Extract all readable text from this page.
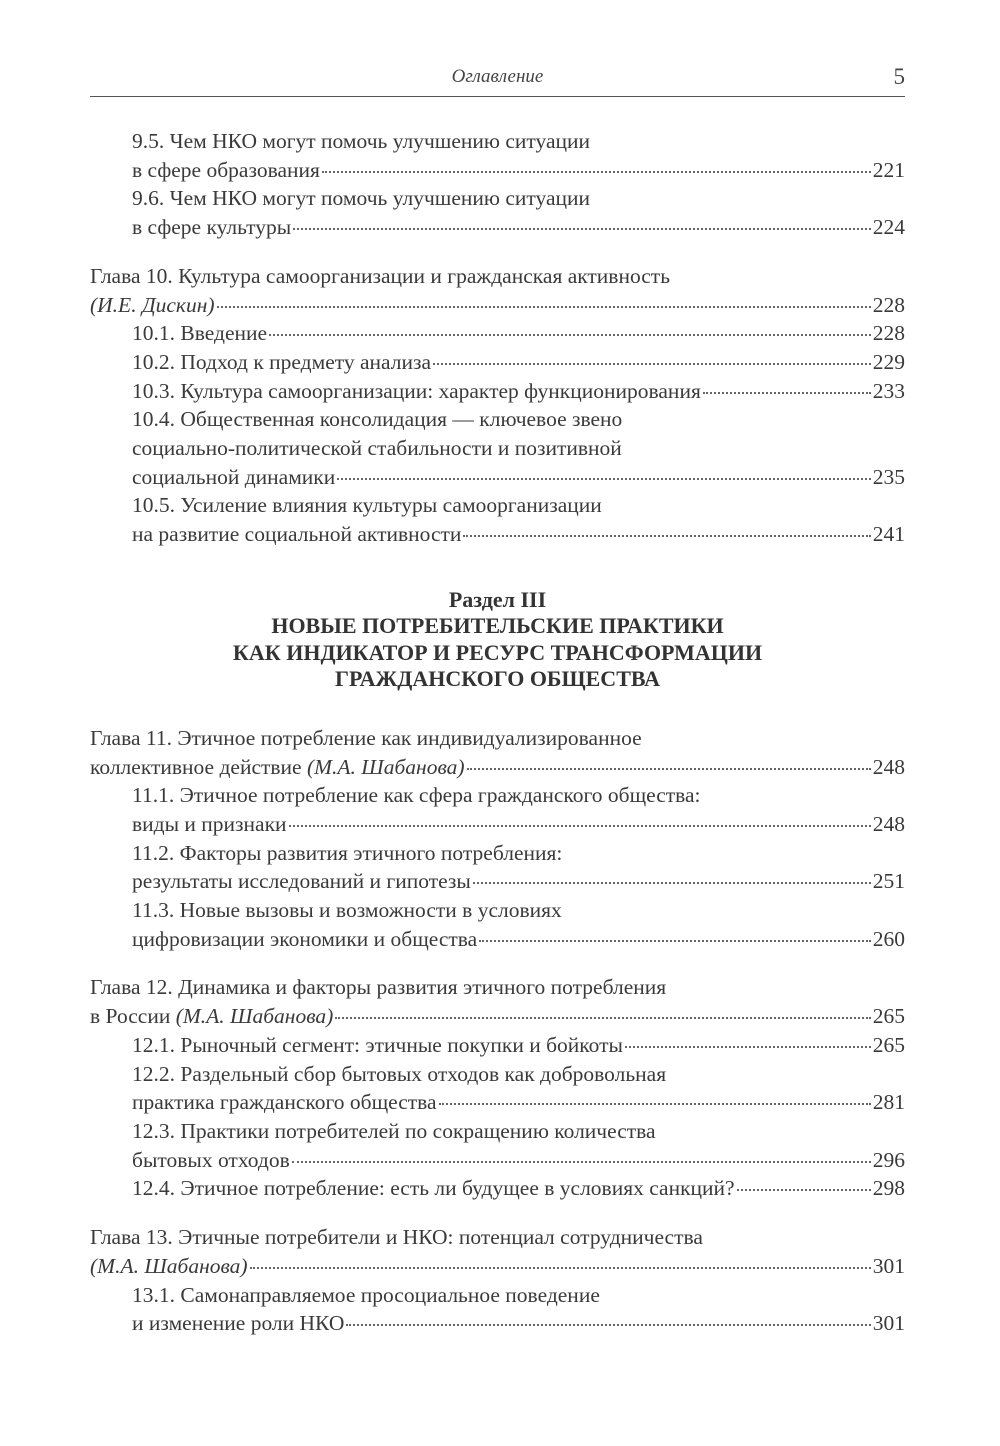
Оглавление	5
9.5. Чем НКО могут помочь улучшению ситуации
в сфере образования	221
9.6. Чем НКО могут помочь улучшению ситуации
в сфере культуры	224
Глава 10. Культура самоорганизации и гражданская активность
(И.Е. Дискин)	228
10.1. Введение	228
10.2. Подход к предмету анализа	229
10.3. Культура самоорганизации: характер функционирования	233
10.4. Общественная консолидация — ключевое звено
социально-политической стабильности и позитивной
социальной динамики	235
10.5. Усиление влияния культуры самоорганизации
на развитие социальной активности	241
Раздел III
НОВЫЕ ПОТРЕБИТЕЛЬСКИЕ ПРАКТИКИ
КАК ИНДИКАТОР И РЕСУРС ТРАНСФОРМАЦИИ
ГРАЖДАНСКОГО ОБЩЕСТВА
Глава 11. Этичное потребление как индивидуализированное
коллективное действие (М.А. Шабанова)	248
11.1. Этичное потребление как сфера гражданского общества:
виды и признаки	248
11.2. Факторы развития этичного потребления:
результаты исследований и гипотезы	251
11.3. Новые вызовы и возможности в условиях
цифровизации экономики и общества	260
Глава 12. Динамика и факторы развития этичного потребления
в России (М.А. Шабанова)	265
12.1. Рыночный сегмент: этичные покупки и бойкоты	265
12.2. Раздельный сбор бытовых отходов как добровольная
практика гражданского общества	281
12.3. Практики потребителей по сокращению количества
бытовых отходов	296
12.4. Этичное потребление: есть ли будущее в условиях санкций?	298
Глава 13. Этичные потребители и НКО: потенциал сотрудничества
(М.А. Шабанова)	301
13.1. Самонаправляемое просоциальное поведение
и изменение роли НКО	301
